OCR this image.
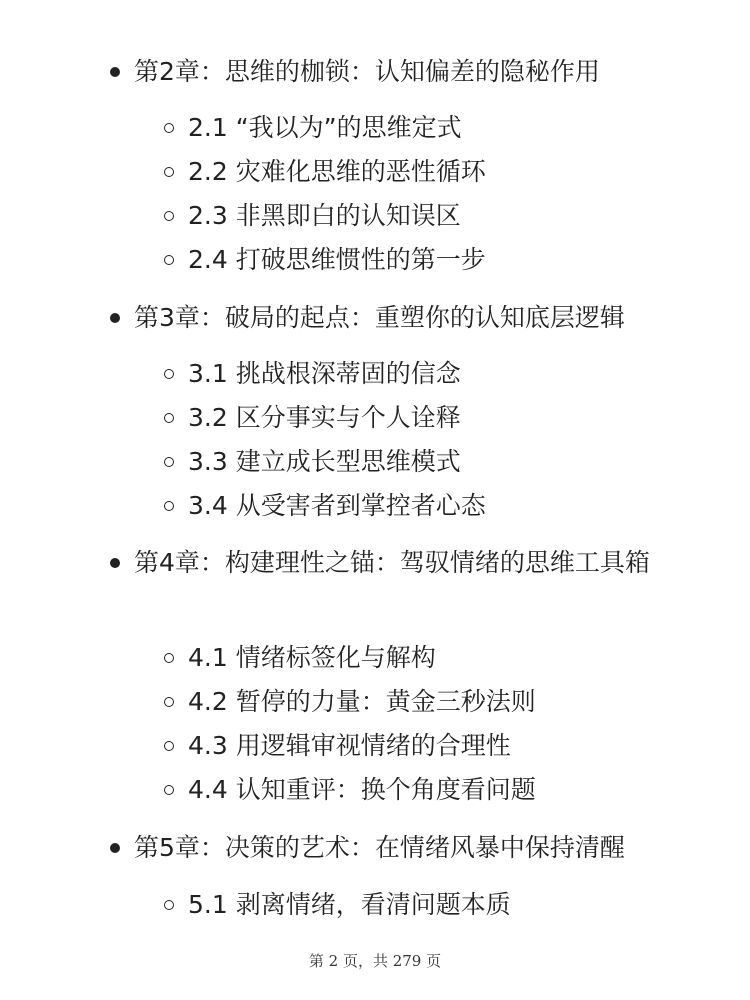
第2章：思维的枷锁：认知偏差的隐秘作用
2.1 “我以为”的思维定式
2.2 灾难化思维的恶性循环
2.3 非黑即白的认知误区
2.4 打破思维惯性的第一步
第3章：破局的起点：重塑你的认知底层逻辑
3.1 挑战根深蒂固的信念
3.2 区分事实与个人诠释
3.3 建立成长型思维模式
3.4 从受害者到掌控者心态
第4章：构建理性之锚：驾驭情绪的思维工具箱
4.1 情绪标签化与解构
4.2 暂停的力量：黄金三秒法则
4.3 用逻辑审视情绪的合理性
4.4 认知重评：换个角度看问题
第5章：决策的艺术：在情绪风暴中保持清醒
5.1 剥离情绪，看清问题本质
第 2 页，共 279 页
